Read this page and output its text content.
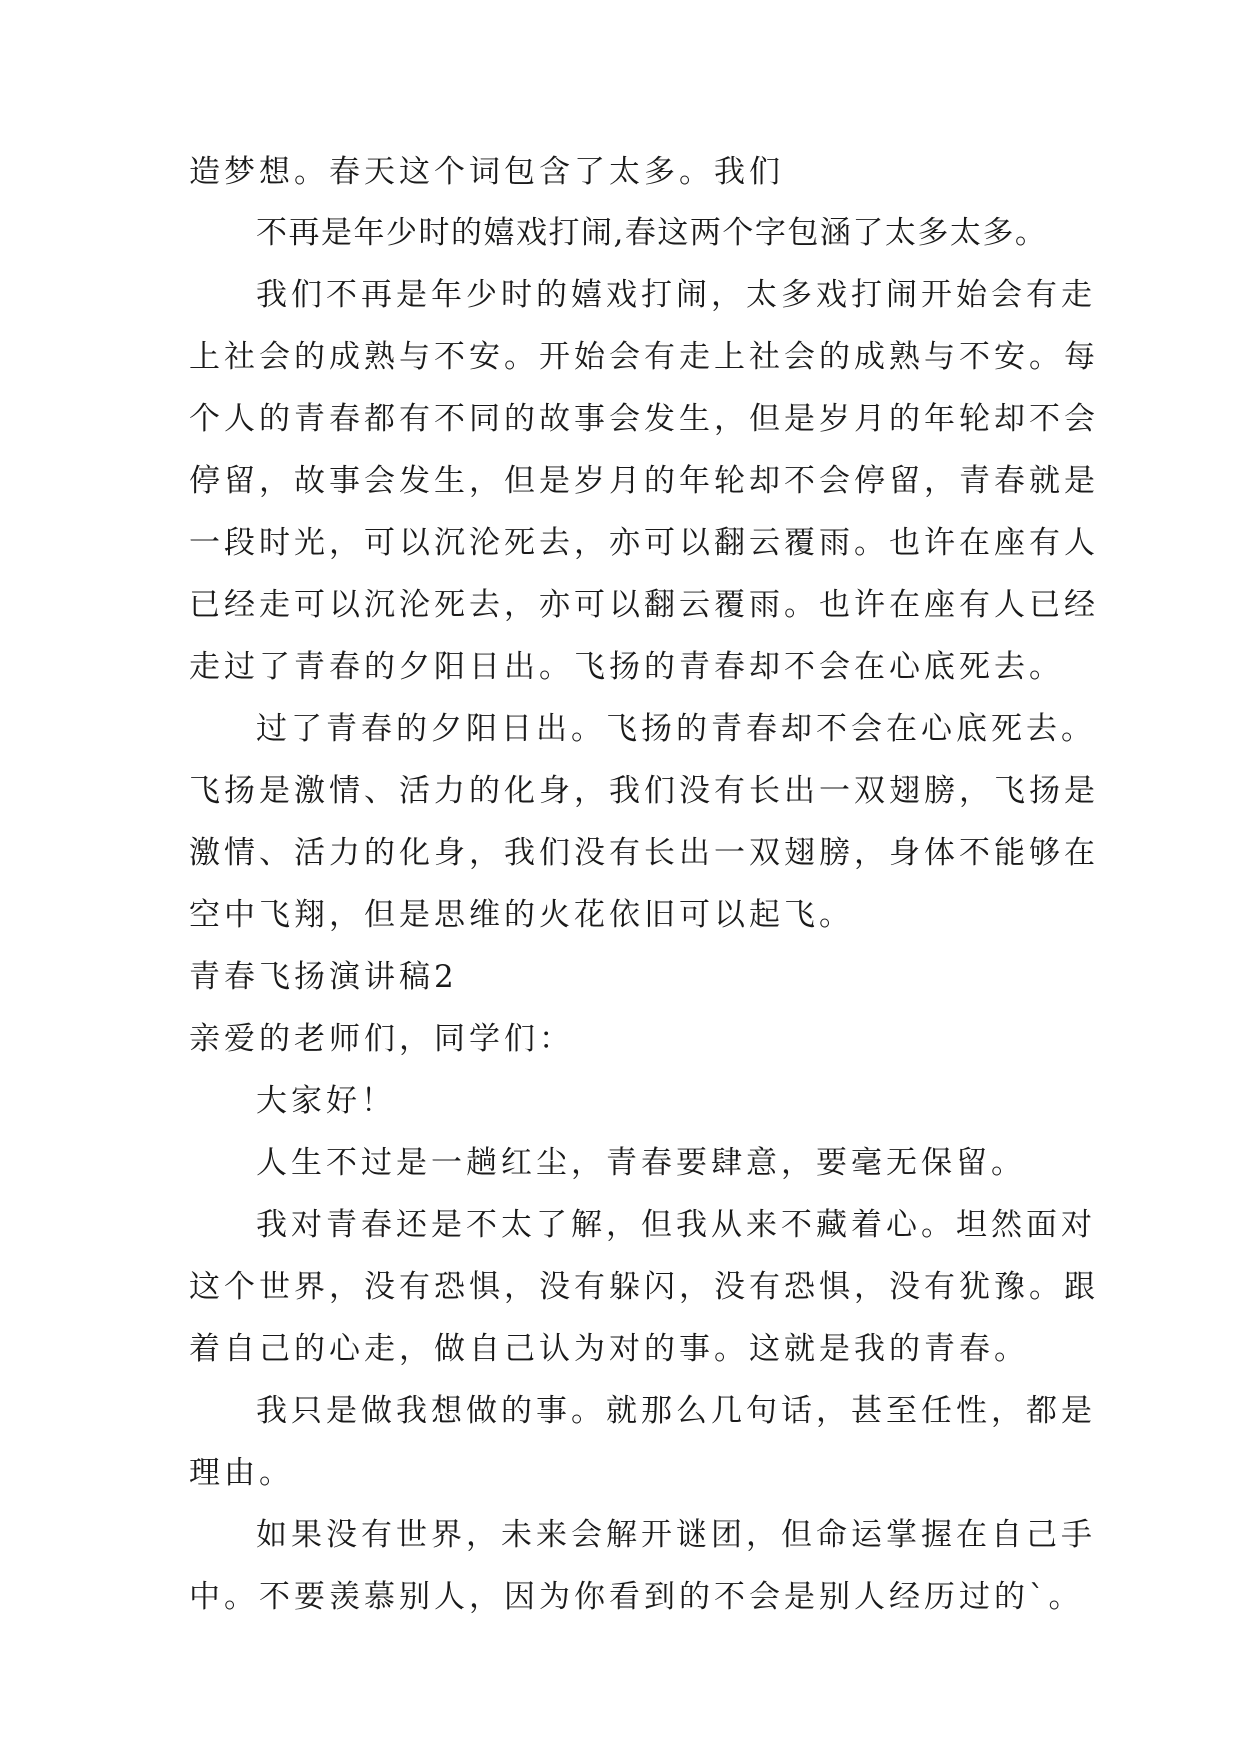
造梦想。春天这个词包含了太多。我们

不再是年少时的嬉戏打闹,春这两个字包涵了太多太多。

我们不再是年少时的嬉戏打闹，太多戏打闹开始会有走

上社会的成熟与不安。开始会有走上社会的成熟与不安。每

个人的青春都有不同的故事会发生，但是岁月的年轮却不会

停留，故事会发生，但是岁月的年轮却不会停留，青春就是

一段时光，可以沉沦死去，亦可以翻云覆雨。也许在座有人

已经走可以沉沦死去，亦可以翻云覆雨。也许在座有人已经

走过了青春的夕阳日出。飞扬的青春却不会在心底死去。

过了青春的夕阳日出。飞扬的青春却不会在心底死去。

飞扬是激情、活力的化身，我们没有长出一双翅膀，飞扬是

激情、活力的化身，我们没有长出一双翅膀，身体不能够在

空中飞翔，但是思维的火花依旧可以起飞。

青春飞扬演讲稿2

亲爱的老师们，同学们：

大家好！

人生不过是一趟红尘，青春要肆意，要毫无保留。

我对青春还是不太了解，但我从来不藏着心。坦然面对

这个世界，没有恐惧，没有躲闪，没有恐惧，没有犹豫。跟

着自己的心走，做自己认为对的事。这就是我的青春。

我只是做我想做的事。就那么几句话，甚至任性，都是

理由。

如果没有世界，未来会解开谜团，但命运掌握在自己手

中。不要羡慕别人，因为你看到的不会是别人经历过的`。
